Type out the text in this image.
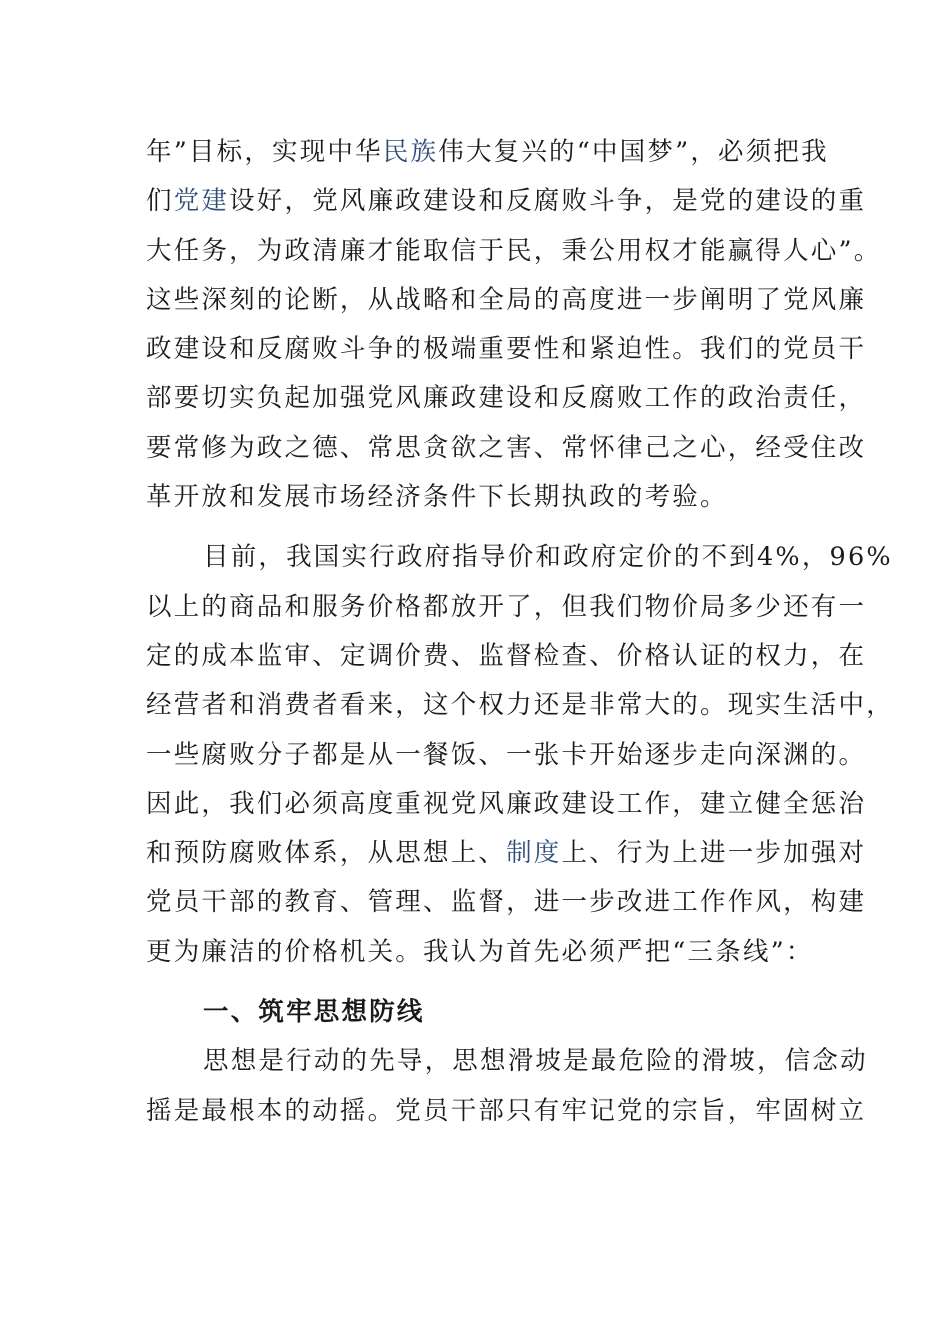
年”目标，实现中华民族伟大复兴的“中国梦”，必须把我
们党建设好，党风廉政建设和反腐败斗争，是党的建设的重
大任务，为政清廉才能取信于民，秉公用权才能赢得人心”。
这些深刻的论断，从战略和全局的高度进一步阐明了党风廉
政建设和反腐败斗争的极端重要性和紧迫性。我们的党员干
部要切实负起加强党风廉政建设和反腐败工作的政治责任，
要常修为政之德、常思贪欲之害、常怀律己之心，经受住改
革开放和发展市场经济条件下长期执政的考验。

目前，我国实行政府指导价和政府定价的不到4%，96%
以上的商品和服务价格都放开了，但我们物价局多少还有一
定的成本监审、定调价费、监督检查、价格认证的权力，在
经营者和消费者看来，这个权力还是非常大的。现实生活中，
一些腐败分子都是从一餐饭、一张卡开始逐步走向深渊的。
因此，我们必须高度重视党风廉政建设工作，建立健全惩治
和预防腐败体系，从思想上、制度上、行为上进一步加强对
党员干部的教育、管理、监督，进一步改进工作作风，构建
更为廉洁的价格机关。我认为首先必须严把“三条线”：

一、筑牢思想防线

思想是行动的先导，思想滑坡是最危险的滑坡，信念动
摇是最根本的动摇。党员干部只有牢记党的宗旨，牢固树立
